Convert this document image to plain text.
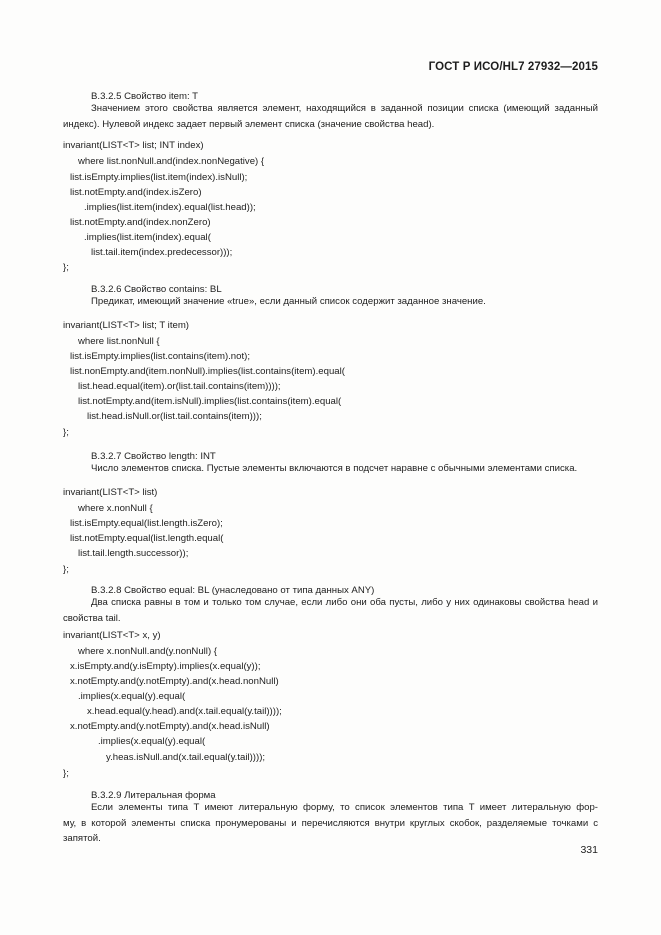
ГОСТ Р ИСО/HL7 27932—2015
B.3.2.5 Свойство item: T
Значением этого свойства является элемент, находящийся в заданной позиции списка (имеющий заданный индекс). Нулевой индекс задает первый элемент списка (значение свойства head).
invariant(LIST<T> list; INT index)
where list.nonNull.and(index.nonNegative) {
list.isEmpty.implies(list.item(index).isNull);
list.notEmpty.and(index.isZero)
.implies(list.item(index).equal(list.head));
list.notEmpty.and(index.nonZero)
.implies(list.item(index).equal(
list.tail.item(index.predecessor)));
};
B.3.2.6 Свойство contains: BL
Предикат, имеющий значение «true», если данный список содержит заданное значение.
invariant(LIST<T> list; T item)
where list.nonNull {
list.isEmpty.implies(list.contains(item).not);
list.nonEmpty.and(item.nonNull).implies(list.contains(item).equal(
list.head.equal(item).or(list.tail.contains(item))));
list.notEmpty.and(item.isNull).implies(list.contains(item).equal(
list.head.isNull.or(list.tail.contains(item)));
};
B.3.2.7 Свойство length: INT
Число элементов списка. Пустые элементы включаются в подсчет наравне с обычными элементами списка.
invariant(LIST<T> list)
where x.nonNull {
list.isEmpty.equal(list.length.isZero);
list.notEmpty.equal(list.length.equal(
list.tail.length.successor));
};
B.3.2.8 Свойство equal: BL (унаследовано от типа данных ANY)
Два списка равны в том и только том случае, если либо они оба пусты, либо у них одинаковы свойства head и свойства tail.
invariant(LIST<T> x, y)
where x.nonNull.and(y.nonNull) {
x.isEmpty.and(y.isEmpty).implies(x.equal(y));
x.notEmpty.and(y.notEmpty).and(x.head.nonNull)
.implies(x.equal(y).equal(
x.head.equal(y.head).and(x.tail.equal(y.tail))));
x.notEmpty.and(y.notEmpty).and(x.head.isNull)
.implies(x.equal(y).equal(
y.heas.isNull.and(x.tail.equal(y.tail))));
};
B.3.2.9 Литеральная форма
Если элементы типа T имеют литеральную форму, то список элементов типа T имеет литеральную фор-
му, в которой элементы списка пронумерованы и перечисляются внутри круглых скобок, разделяемые точками с
запятой.
331
